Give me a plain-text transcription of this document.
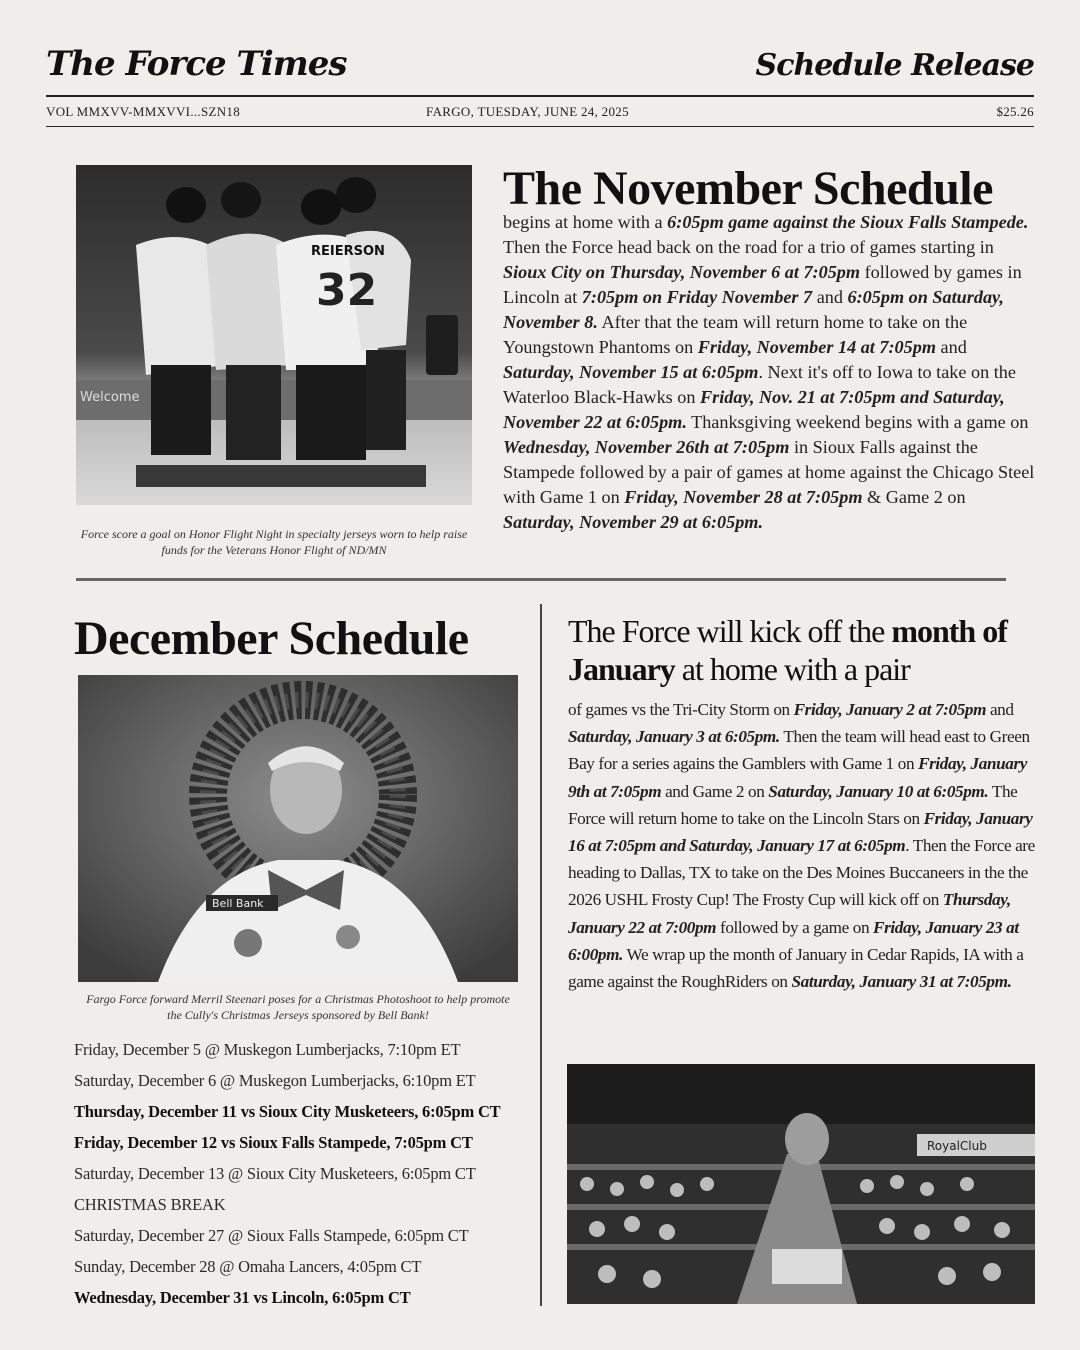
The Force Times	Schedule Release
VOL MMXVV-MMXVVI...SZN18	FARGO, TUESDAY, JUNE 24, 2025	$25.26
Welcome
REIERSON
32
Force score a goal on Honor Flight Night in specialty jerseys worn to help raise funds for the Veterans Honor Flight of ND/MN
The November Schedule
begins at home with a 6:05pm game against the Sioux Falls Stampede. Then the Force head back on the road for a trio of games starting in Sioux City on Thursday, November 6 at 7:05pm followed by games in Lincoln at 7:05pm on Friday November 7 and 6:05pm on Saturday, November 8. After that the team will return home to take on the Youngstown Phantoms on Friday, November 14 at 7:05pm and Saturday, November 15 at 6:05pm. Next it's off to Iowa to take on the Waterloo Black-Hawks on Friday, Nov. 21 at 7:05pm and Saturday, November 22 at 6:05pm. Thanksgiving weekend begins with a game on Wednesday, November 26th at 7:05pm in Sioux Falls against the Stampede followed by a pair of games at home against the Chicago Steel with Game 1 on Friday, November 28 at 7:05pm & Game 2 on Saturday, November 29 at 6:05pm.
December Schedule
Bell Bank
Fargo Force forward Merril Steenari poses for a Christmas Photoshoot to help promote the Cully's Christmas Jerseys sponsored by Bell Bank!
Friday, December 5 @ Muskegon Lumberjacks, 7:10pm ET
Saturday, December 6 @ Muskegon Lumberjacks, 6:10pm ET
Thursday, December 11 vs Sioux City Musketeers, 6:05pm CT
Friday, December 12 vs Sioux Falls Stampede, 7:05pm CT
Saturday, December 13 @ Sioux City Musketeers, 6:05pm CT
CHRISTMAS BREAK
Saturday, December 27 @ Sioux Falls Stampede, 6:05pm CT
Sunday, December 28 @ Omaha Lancers, 4:05pm CT
Wednesday, December 31 vs Lincoln, 6:05pm CT
The Force will kick off the month of January at home with a pair
of games vs the Tri-City Storm on Friday, January 2 at 7:05pm and Saturday, January 3 at 6:05pm. Then the team will head east to Green Bay for a series agains the Gamblers with Game 1 on Friday, January 9th at 7:05pm and Game 2 on Saturday, January 10 at 6:05pm. The Force will return home to take on the Lincoln Stars on Friday, January 16 at 7:05pm and Saturday, January 17 at 6:05pm. Then the Force are heading to Dallas, TX to take on the Des Moines Buccaneers in the the 2026 USHL Frosty Cup! The Frosty Cup will kick off on Thursday, January 22 at 7:00pm followed by a game on Friday, January 23 at 6:00pm. We wrap up the month of January in Cedar Rapids, IA with a game against the RoughRiders on Saturday, January 31 at 7:05pm.
RoyalClub
